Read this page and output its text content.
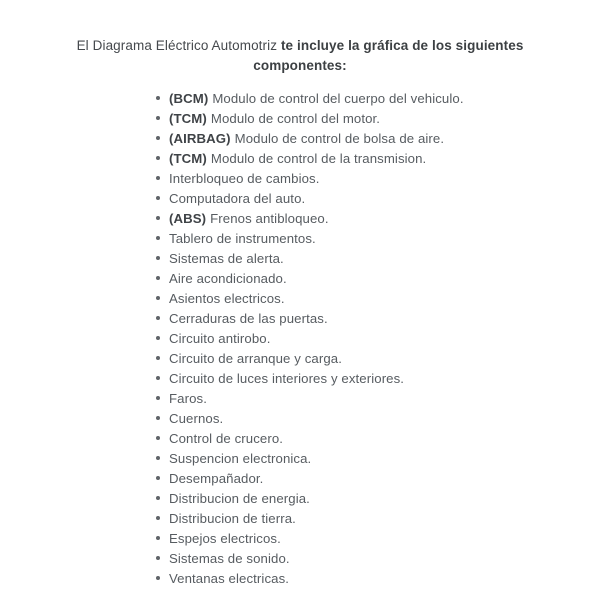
El Diagrama Eléctrico Automotriz te incluye la gráfica de los siguientes
componentes:

(BCM) Modulo de control del cuerpo del vehiculo.
(TCM) Modulo de control del motor.
(AIRBAG) Modulo de control de bolsa de aire.
(TCM) Modulo de control de la transmision.
Interbloqueo de cambios.
Computadora del auto.
(ABS) Frenos antibloqueo.
Tablero de instrumentos.
Sistemas de alerta.
Aire acondicionado.
Asientos electricos.
Cerraduras de las puertas.
Circuito antirobo.
Circuito de arranque y carga.
Circuito de luces interiores y exteriores.
Faros.
Cuernos.
Control de crucero.
Suspencion electronica.
Desempañador.
Distribucion de energia.
Distribucion de tierra.
Espejos electricos.
Sistemas de sonido.
Ventanas electricas.
